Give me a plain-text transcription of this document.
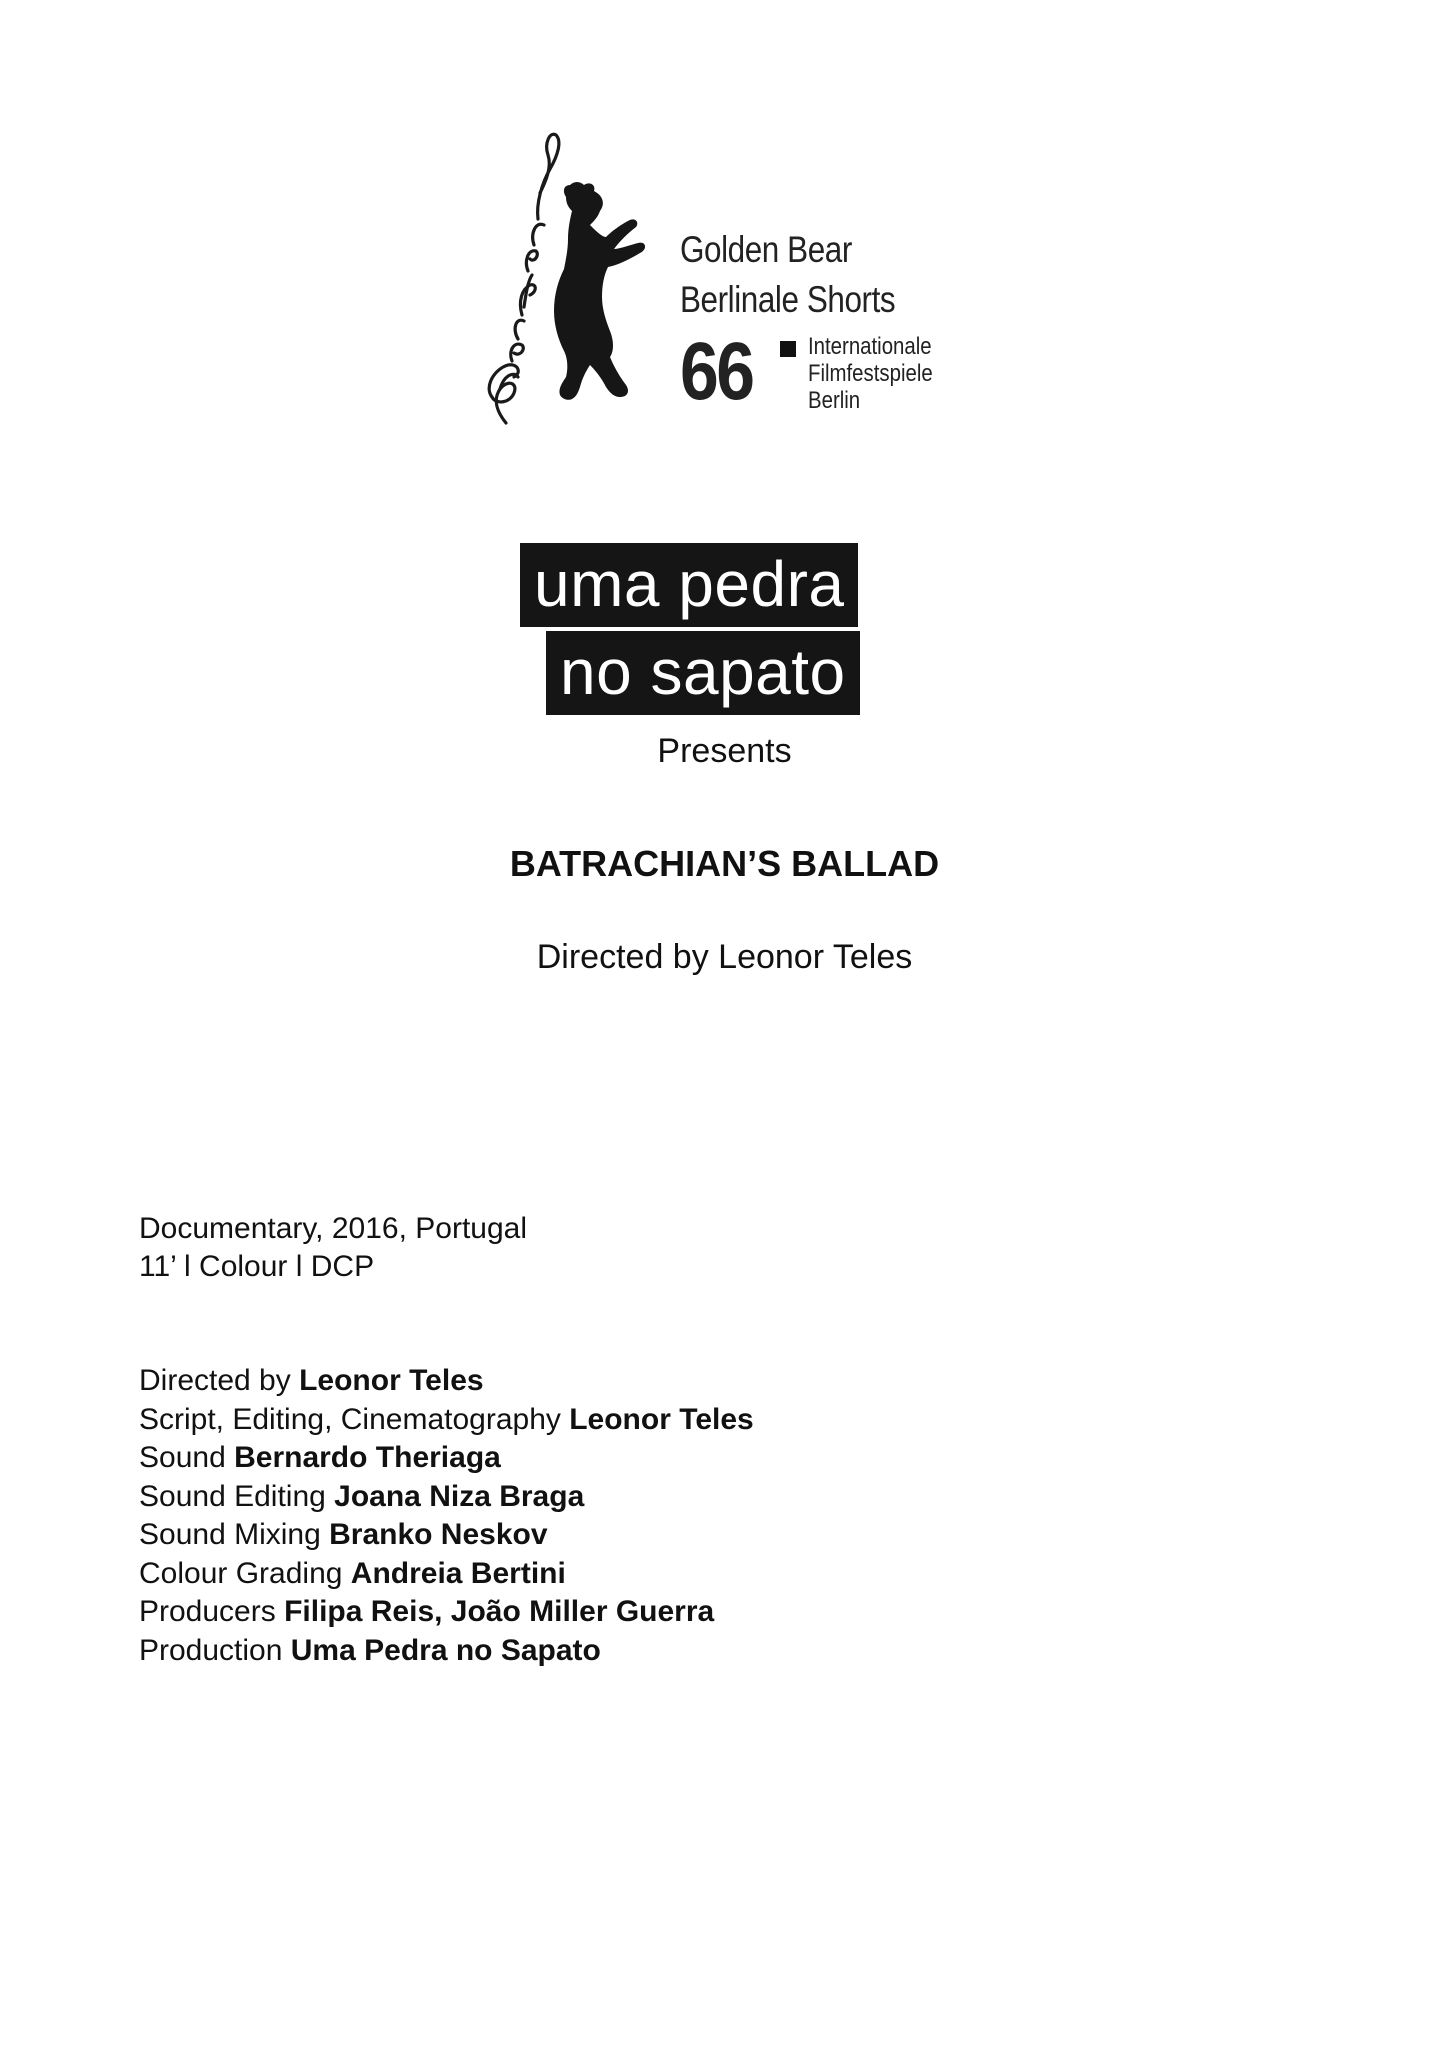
Golden Bear
Berlinale Shorts
66 Internationale
Filmfestspiele
Berlin
uma pedra
no sapato
Presents
BATRACHIAN’S BALLAD
Directed by Leonor Teles
Documentary, 2016, Portugal
11’ l Colour l DCP
Directed by Leonor Teles
Script, Editing, Cinematography Leonor Teles
Sound Bernardo Theriaga
Sound Editing Joana Niza Braga
Sound Mixing Branko Neskov
Colour Grading Andreia Bertini
Producers Filipa Reis, João Miller Guerra
Production Uma Pedra no Sapato
